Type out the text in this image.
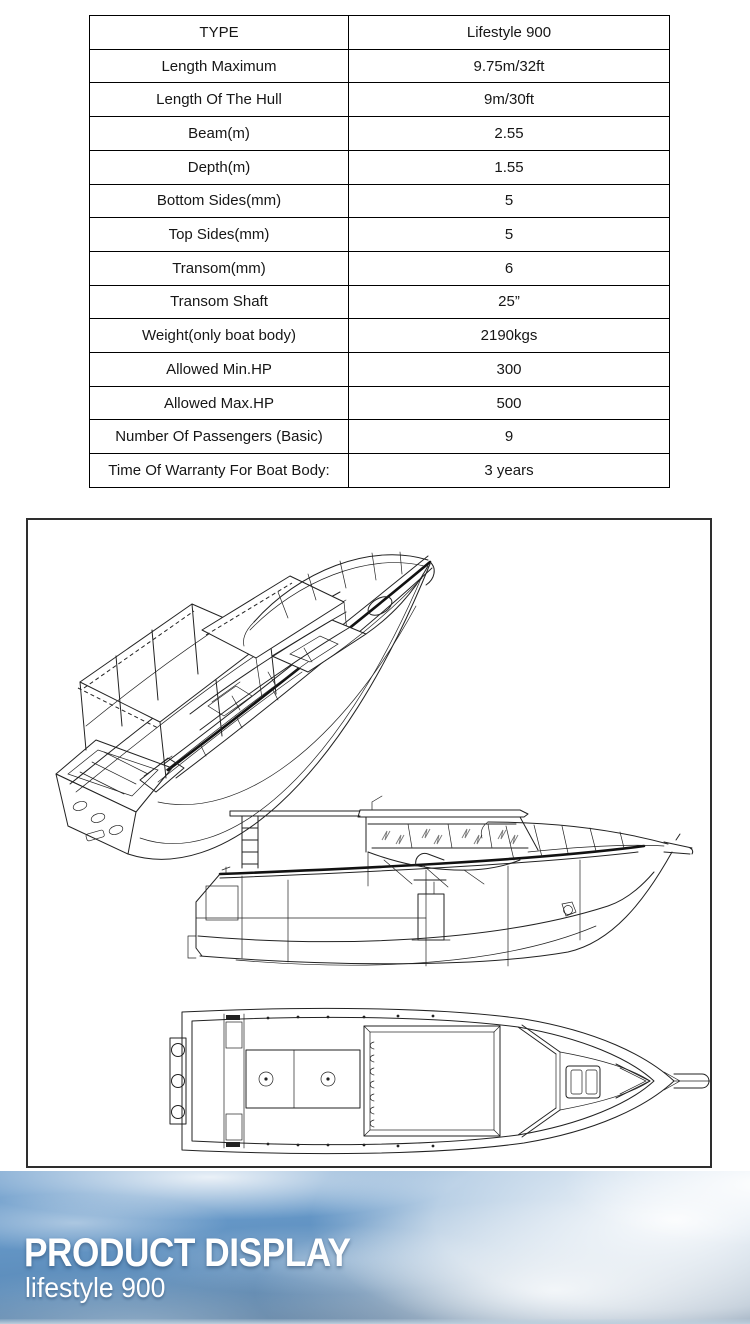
TYPE	Lifestyle 900
Length Maximum	9.75m/32ft
Length Of The Hull	9m/30ft
Beam(m)	2.55
Depth(m)	1.55
Bottom Sides(mm)	5
Top Sides(mm)	5
Transom(mm)	6
Transom Shaft	25”
Weight(only boat body)	2190kgs
Allowed Min.HP	300
Allowed Max.HP	500
Number Of Passengers (Basic)	9
Time Of Warranty For Boat Body:	3 years
PRODUCT DISPLAY
lifestyle 900
